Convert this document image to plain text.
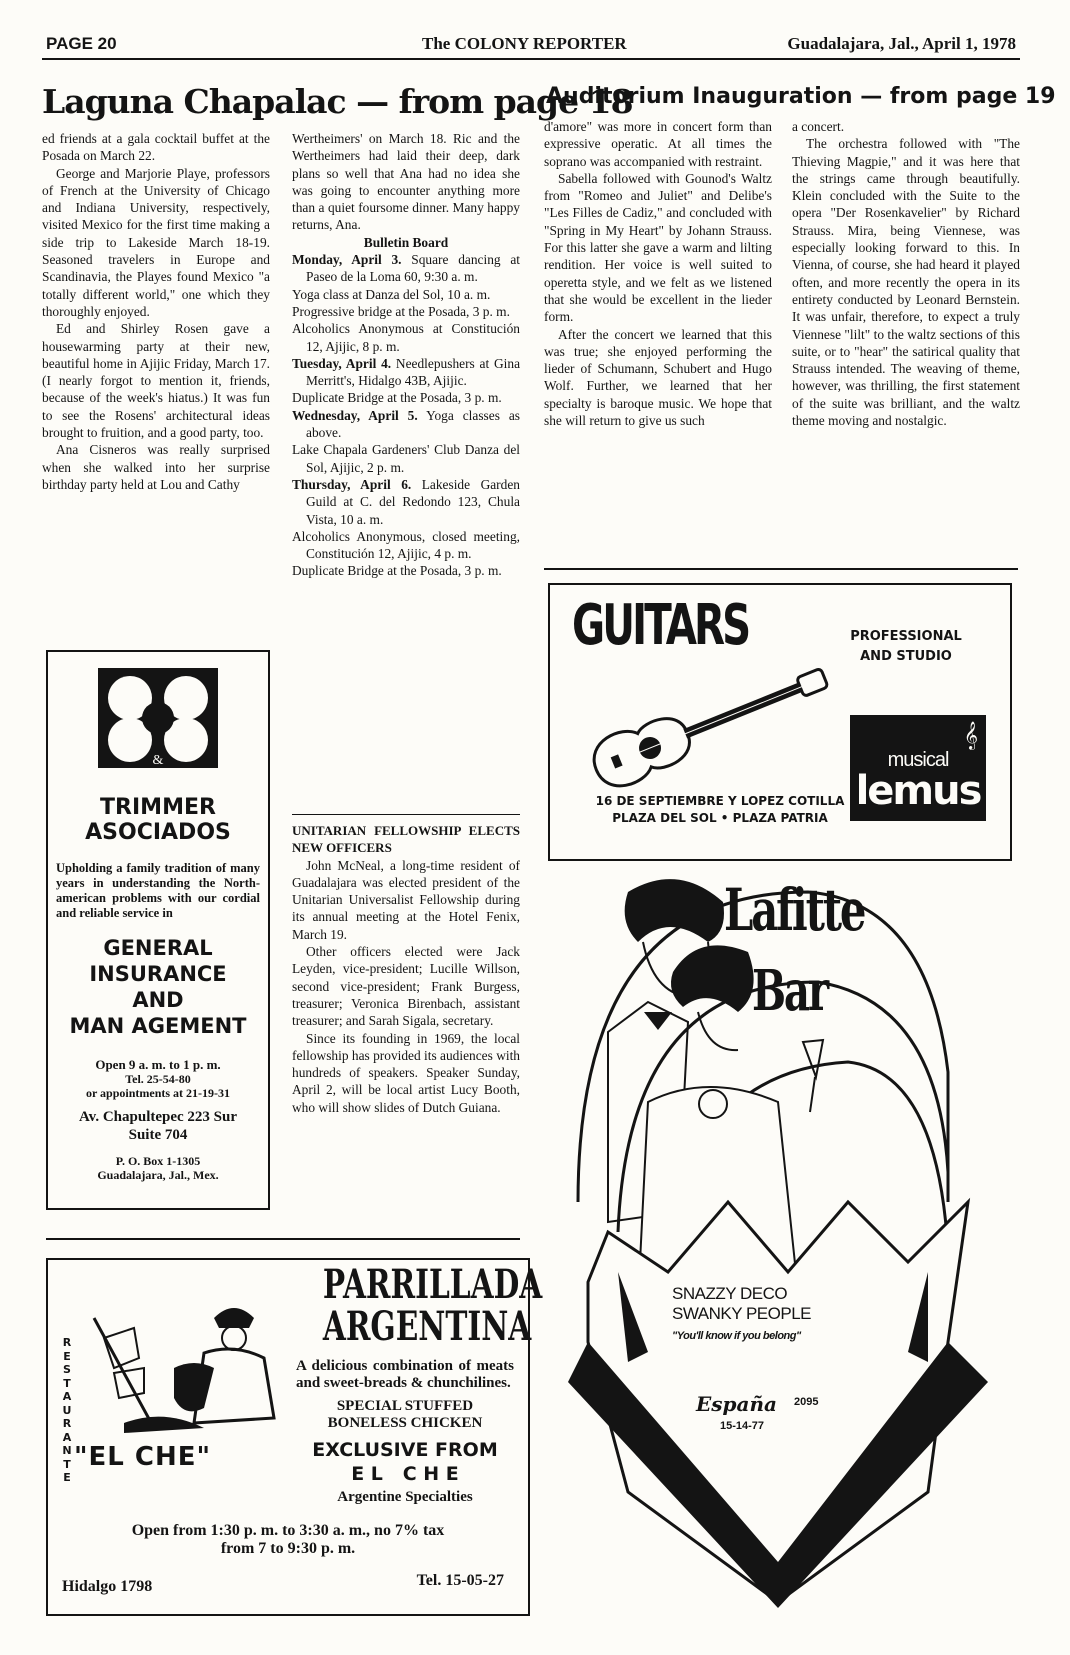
PAGE 20	The COLONY REPORTER	Guadalajara, Jal., April 1, 1978
Laguna Chapalac — from page 18
Auditorium Inauguration — from page 19

ed friends at a gala cocktail buffet at the Posada on March 22.

George and Marjorie Playe, professors of French at the University of Chicago and Indiana University, respectively, visited Mexico for the first time making a side trip to Lakeside March 18-19. Seasoned travelers in Europe and Scandinavia, the Playes found Mexico "a totally different world," one which they thoroughly enjoyed.

Ed and Shirley Rosen gave a housewarming party at their new, beautiful home in Ajijic Friday, March 17. (I nearly forgot to mention it, friends, because of the week's hiatus.) It was fun to see the Rosens' architectural ideas brought to fruition, and a good party, too.

Ana Cisneros was really surprised when she walked into her surprise birthday party held at Lou and Cathy

Wertheimers' on March 18. Ric and the Wertheimers had laid their deep, dark plans so well that Ana had no idea she was going to encounter anything more than a quiet foursome dinner. Many happy returns, Ana.

Bulletin Board

Monday, April 3. Square dancing at Paseo de la Loma 60, 9:30 a. m.

Yoga class at Danza del Sol, 10 a. m.

Progressive bridge at the Posada, 3 p. m.

Alcoholics Anonymous at Constitución 12, Ajijic, 8 p. m.

Tuesday, April 4. Needlepushers at Gina Merritt's, Hidalgo 43B, Ajijic.

Duplicate Bridge at the Posada, 3 p. m.

Wednesday, April 5. Yoga classes as above.

Lake Chapala Gardeners' Club Danza del Sol, Ajijic, 2 p. m.

Thursday, April 6. Lakeside Garden Guild at C. del Redondo 123, Chula Vista, 10 a. m.

Alcoholics Anonymous, closed meeting, Constitución 12, Ajijic, 4 p. m.

Duplicate Bridge at the Posada, 3 p. m.

d'amore" was more in concert form than expressive operatic. At all times the soprano was accompanied with restraint.

Sabella followed with Gounod's Waltz from "Romeo and Juliet" and Delibe's "Les Filles de Cadiz," and concluded with "Spring in My Heart" by Johann Strauss. For this latter she gave a warm and lilting rendition. Her voice is well suited to operetta style, and we felt as we listened that she would be excellent in the lieder form.

After the concert we learned that this was true; she enjoyed performing the lieder of Schumann, Schubert and Hugo Wolf. Further, we learned that her specialty is baroque music. We hope that she will return to give us such

a concert.

The orchestra followed with "The Thieving Magpie," and it was here that the strings came through beautifully. Klein concluded with the Suite to the opera "Der Rosenkavelier" by Richard Strauss. Mira, being Viennese, was especially looking forward to this. In Vienna, of course, she had heard it played often, and more recently the opera in its entirety conducted by Leonard Bernstein. It was unfair, therefore, to expect a truly Viennese "lilt" to the waltz sections of this suite, or to "hear" the satirical quality that Strauss intended. The weaving of theme, however, was thrilling, the first statement of the suite was brilliant, and the waltz theme moving and nostalgic.

UNITARIAN FELLOWSHIP ELECTS NEW OFFICERS

John McNeal, a long-time resident of Guadalajara was elected president of the Unitarian Universalist Fellowship during its annual meeting at the Hotel Fenix, March 19.

Other officers elected were Jack Leyden, vice-president; Lucille Willson, second vice-president; Frank Burgess, treasurer; Veronica Birenbach, assistant treasurer; and Sarah Sigala, secretary.

Since its founding in 1969, the local fellowship has provided its audiences with hundreds of speakers. Speaker Sunday, April 2, will be local artist Lucy Booth, who will show slides of Dutch Guiana.

&
TRIMMER
ASOCIADOS
Upholding a family tradition of many years in understanding the North-american problems with our cordial and reliable service in
GENERAL
INSURANCE
AND
MAN AGEMENT
Open 9 a. m. to 1 p. m.
Tel. 25-54-80
or appointments at 21-19-31
Av. Chapultepec 223 Sur
Suite 704
P. O. Box 1-1305
Guadalajara, Jal., Mex.
GUITARS	PROFESSIONAL
AND STUDIO
musical
lemus
𝄞
16 DE SEPTIEMBRE Y LOPEZ COTILLA
PLAZA DEL SOL • PLAZA PATRIA
Lafitte
Bar
SNAZZY DECO
SWANKY PEOPLE
"You'll know if you belong"
España 2095
15-14-77
RESTAURANTE
"EL CHE"
PARRILLADA
ARGENTINA
A delicious combination of meats and sweet-breads & chunchilines.
SPECIAL STUFFED
BONELESS CHICKEN
EXCLUSIVE FROM
E L   C H E
Argentine Specialties
Open from 1:30 p. m. to 3:30 a. m., no 7% tax
from 7 to 9:30 p. m.
Hidalgo 1798	Tel. 15-05-27
